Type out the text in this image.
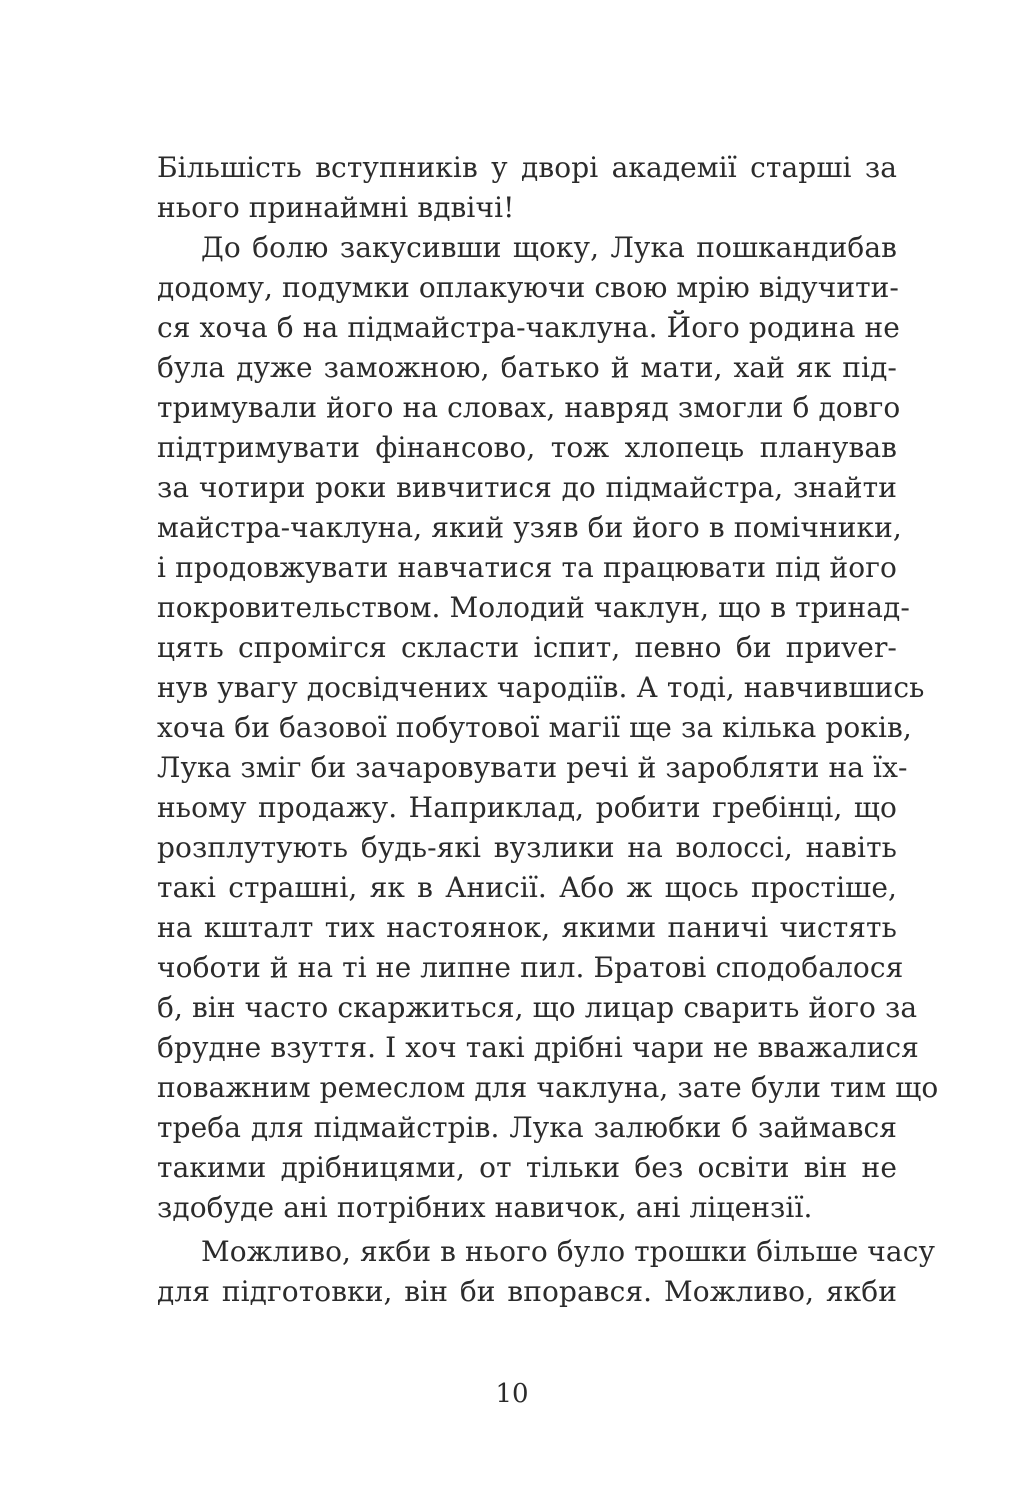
Більшість вступників у дворі академії старші за
нього принаймні вдвічі!
До болю закусивши щоку, Лука пошкандибав
додому, подумки оплакуючи свою мрію відучити-
ся хоча б на підмайстра-чаклуна. Його родина не
була дуже заможною, батько й мати, хай як під-
тримували його на словах, навряд змогли б довго
підтримувати фінансово, тож хлопець планував
за чотири роки вивчитися до підмайстра, знайти
майстра-чаклуна, який узяв би його в помічники,
і продовжувати навчатися та працювати під його
покровительством. Молодий чаклун, що в тринад-
цять спромігся скласти іспит, певно би приver-
нув увагу досвідчених чародіїв. А тоді, навчившись
хоча би базової побутової магії ще за кілька років,
Лука зміг би зачаровувати речі й заробляти на їх-
ньому продажу. Наприклад, робити гребінці, що
розплутують будь-які вузлики на волоссі, навіть
такі страшні, як в Анисії. Або ж щось простіше,
на кшталт тих настоянок, якими паничі чистять
чоботи й на ті не липне пил. Братові сподобалося
б, він часто скаржиться, що лицар сварить його за
брудне взуття. І хоч такі дрібні чари не вважалися
поважним ремеслом для чаклуна, зате були тим що
треба для підмайстрів. Лука залюбки б займався
такими дрібницями, от тільки без освіти він не
здобуде ані потрібних навичок, ані ліцензії.
Можливо, якби в нього було трошки більше часу
для підготовки, він би впорався. Можливо, якби
10
